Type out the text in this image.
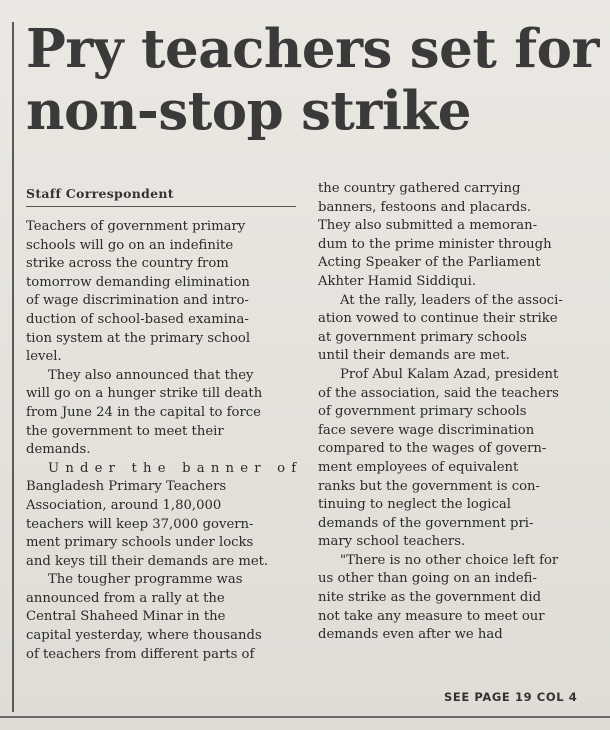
Pry teachers set for
non-stop strike
Staff Correspondent
Teachers of government primary
schools will go on an indefinite
strike across the country from
tomorrow demanding elimination
of wage discrimination and intro-
duction of school-based examina-
tion system at the primary school
level.
They also announced that they
will go on a hunger strike till death
from June 24 in the capital to force
the government to meet their
demands.
Under the banner of
Bangladesh Primary Teachers
Association, around 1,80,000
teachers will keep 37,000 govern-
ment primary schools under locks
and keys till their demands are met.
The tougher programme was
announced from a rally at the
Central Shaheed Minar in the
capital yesterday, where thousands
of teachers from different parts of
the country gathered carrying
banners, festoons and placards.
They also submitted a memoran-
dum to the prime minister through
Acting Speaker of the Parliament
Akhter Hamid Siddiqui.
At the rally, leaders of the associ-
ation vowed to continue their strike
at government primary schools
until their demands are met.
Prof Abul Kalam Azad, president
of the association, said the teachers
of government primary schools
face severe wage discrimination
compared to the wages of govern-
ment employees of equivalent
ranks but the government is con-
tinuing to neglect the logical
demands of the government pri-
mary school teachers.
"There is no other choice left for
us other than going on an indefi-
nite strike as the government did
not take any measure to meet our
demands even after we had
SEE PAGE 19 COL 4
